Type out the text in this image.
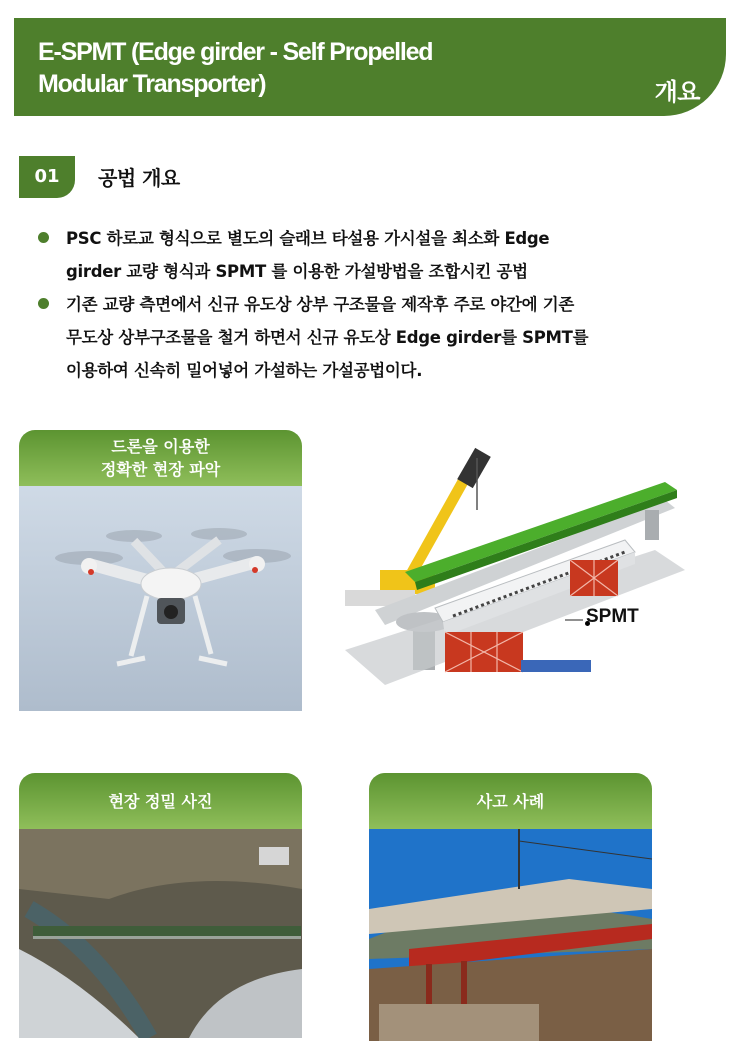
E-SPMT (Edge girder - Self Propelled
Modular Transporter)	개요
01	공법 개요
PSC 하로교 형식으로 별도의 슬래브 타설용 가시설을 최소화 Edge
girder 교량 형식과 SPMT 를 이용한 가설방법을 조합시킨 공법
기존 교량 측면에서 신규 유도상 상부 구조물을 제작후 주로 야간에 기존
무도상 상부구조물을 철거 하면서 신규 유도상 Edge girder를 SPMT를
이용하여 신속히 밀어넣어 가설하는 가설공법이다.
드론을 이용한
정확한 현장 파악
SPMT
현장 정밀 사진	사고 사례
